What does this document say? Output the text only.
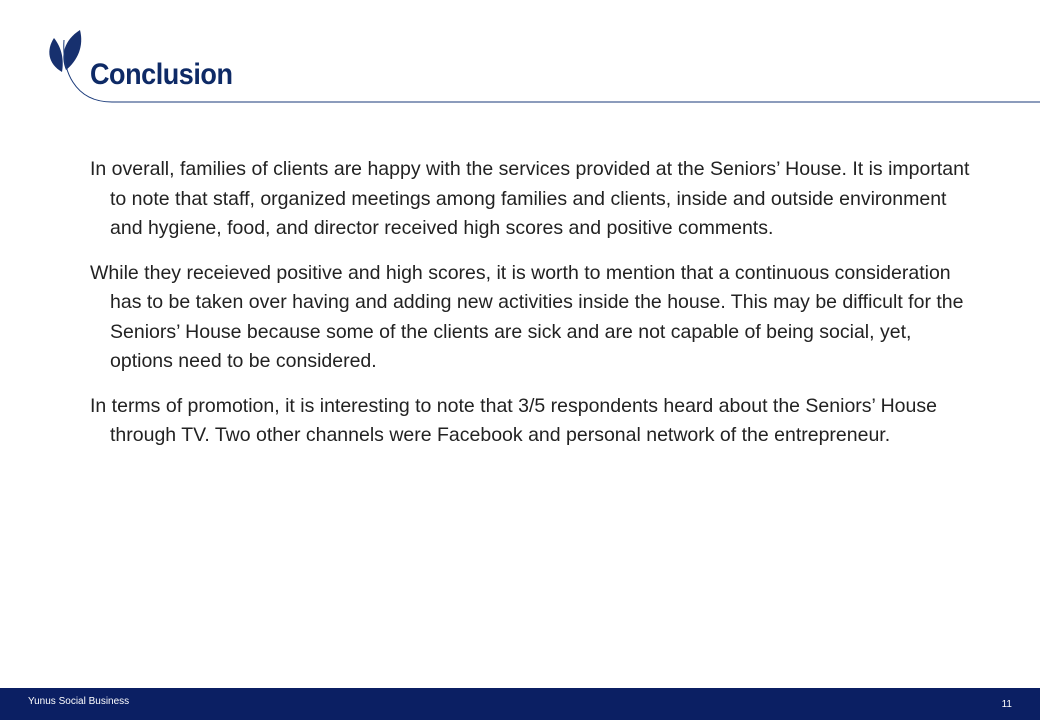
Conclusion

In overall, families of clients are happy with the services provided at the Seniors’ House. It is important to note that staff, organized meetings among families and clients, inside and outside environment and hygiene, food, and director received high scores and positive comments.

While they receieved positive and high scores, it is worth to mention that a continuous consideration has to be taken over having and adding new activities inside the house. This may be difficult for the Seniors’ House because some of the clients are sick and are not capable of being social, yet, options need to be considered.

In terms of promotion, it is interesting to note that 3/5 respondents heard about the Seniors’ House through TV. Two other channels were Facebook and personal network of the entrepreneur.

Yunus Social Business	11
